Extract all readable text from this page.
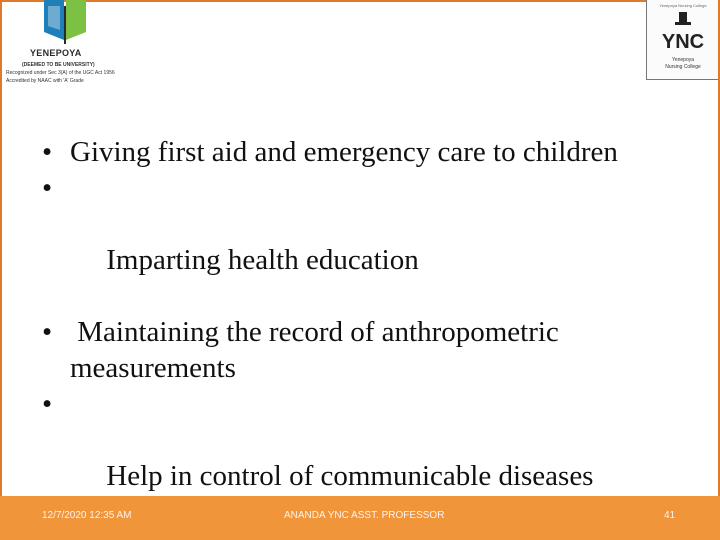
YENEPOYA
(DEEMED TO BE UNIVERSITY)
Recognized under Sec 3(A) of the UGC Act 1956
Accredited by NAAC with 'A' Grade
Yenepoya Nursing College
YNC
Yenepoya
Nursing College
• Giving first aid and emergency care to children

•

Imparting health education

• Maintaining the record of anthropometric measurements

•

Help in control of communicable diseases

12/7/2020 12:35 AM	ANANDA YNC ASST. PROFESSOR	41
